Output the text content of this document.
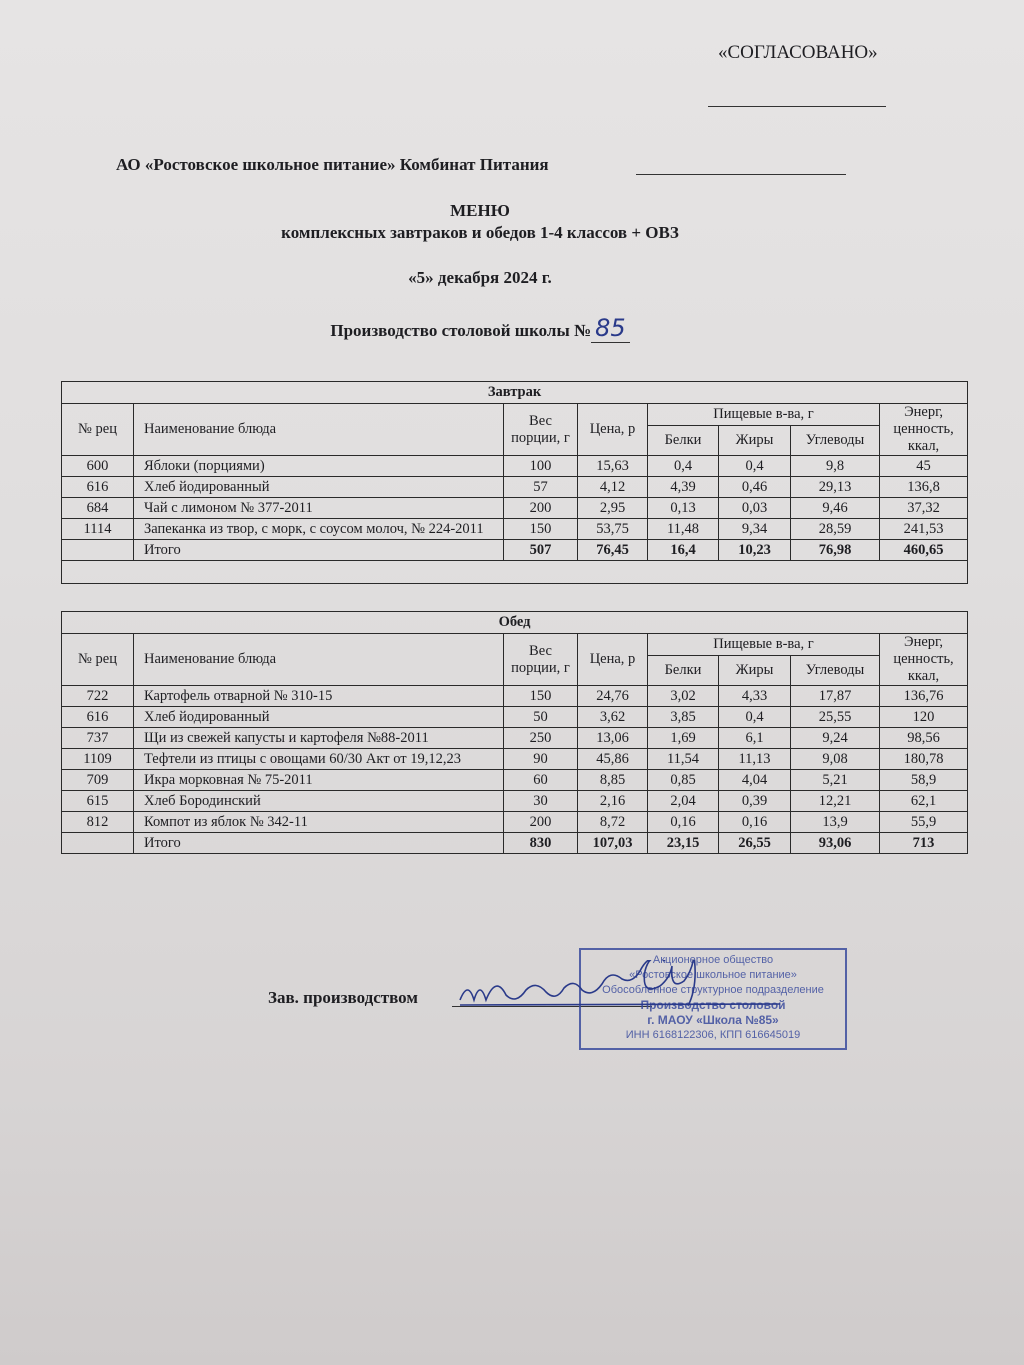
«СОГЛАСОВАНО»
АО «Ростовское школьное питание» Комбинат Питания
МЕНЮ
комплексных завтраков и обедов 1-4 классов + ОВЗ
«5» декабря 2024 г.
Производство столовой школы № 85
Завтрак							
№ рец	Наименование блюда	Вес порции, г	Цена, р	Пищевые в-ва, г			Энерг, ценность, ккал,
				Белки	Жиры	Углеводы	
600	Яблоки (порциями)	100	15,63	0,4	0,4	9,8	45
616	Хлеб йодированный	57	4,12	4,39	0,46	29,13	136,8
684	Чай с лимоном № 377-2011	200	2,95	0,13	0,03	9,46	37,32
1114	Запеканка из твор, с морк, с соусом молоч, № 224-2011	150	53,75	11,48	9,34	28,59	241,53
	Итого	507	76,45	16,4	10,23	76,98	460,65

Обед							
№ рец	Наименование блюда	Вес порции, г	Цена, р	Пищевые в-ва, г			Энерг, ценность, ккал,
				Белки	Жиры	Углеводы	
722	Картофель отварной № 310-15	150	24,76	3,02	4,33	17,87	136,76
616	Хлеб йодированный	50	3,62	3,85	0,4	25,55	120
737	Щи из свежей капусты и картофеля №88-2011	250	13,06	1,69	6,1	9,24	98,56
1109	Тефтели из птицы с овощами 60/30 Акт от 19,12,23	90	45,86	11,54	11,13	9,08	180,78
709	Икра морковная № 75-2011	60	8,85	0,85	4,04	5,21	58,9
615	Хлеб Бородинский	30	2,16	2,04	0,39	12,21	62,1
812	Компот из яблок № 342-11	200	8,72	0,16	0,16	13,9	55,9
	Итого	830	107,03	23,15	26,55	93,06	713
Зав. производством
Акционерное общество
«Ростовское школьное питание»
Обособленное структурное подразделение
Производство столовой
г. МАОУ «Школа №85»
ИНН 6168122306, КПП 616645019
